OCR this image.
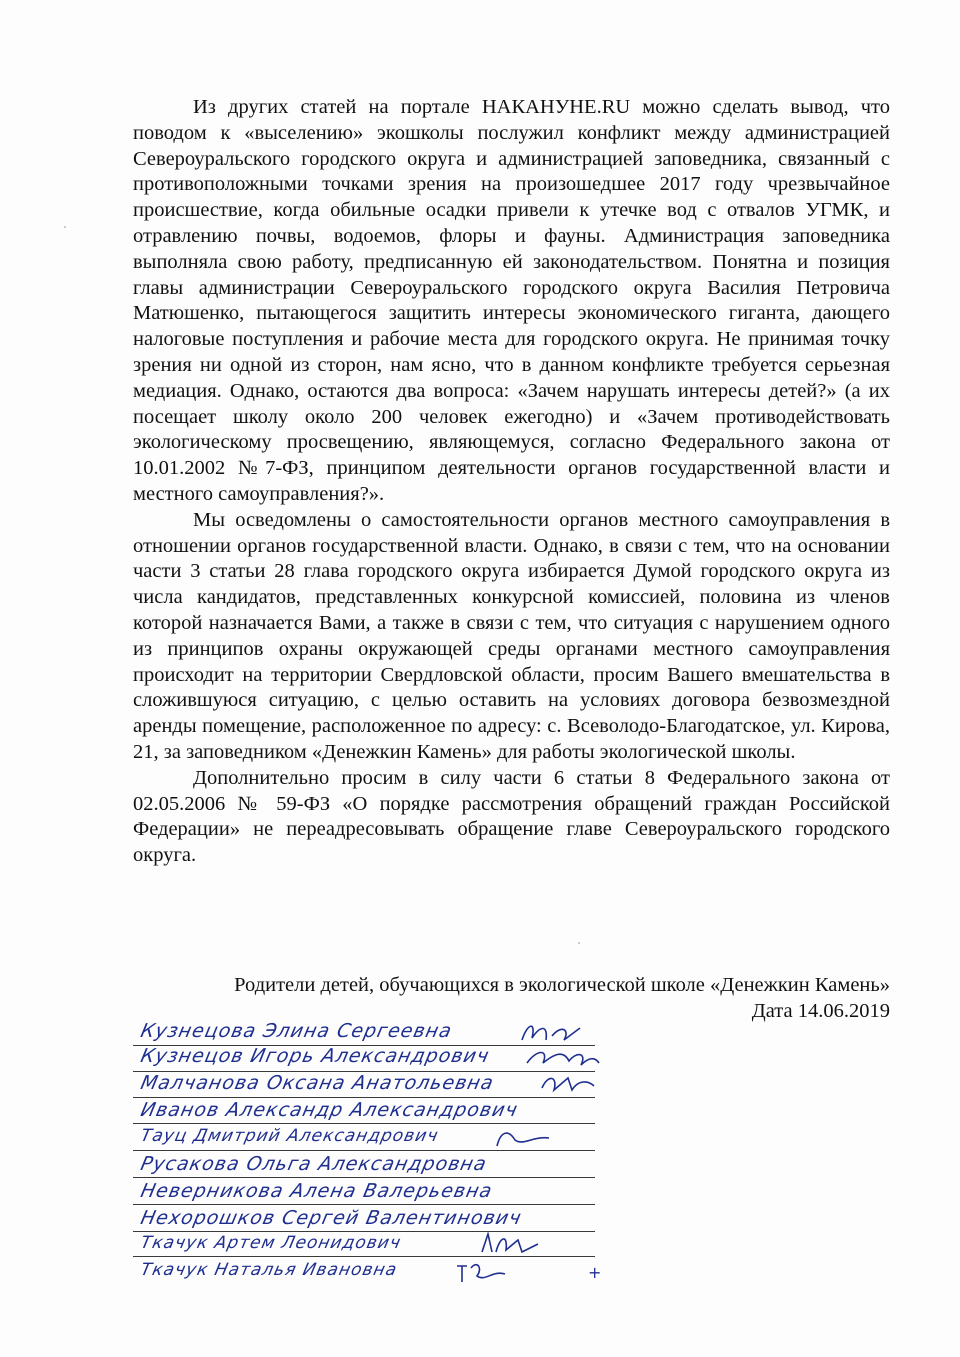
Из других статей на портале НАКАНУНЕ.RU можно сделать вывод, что поводом к «выселению» экошколы послужил конфликт между администрацией Североуральского городского округа и администрацией заповедника, связанный с противоположными точками зрения на произошедшее 2017 году чрезвычайное происшествие, когда обильные осадки привели к утечке вод с отвалов УГМК, и отравлению почвы, водоемов, флоры и фауны. Администрация заповедника выполняла свою работу, предписанную ей законодательством. Понятна и позиция главы администрации Североуральского городского округа Василия Петровича Матюшенко, пытающегося защитить интересы экономического гиганта, дающего налоговые поступления и рабочие места для городского округа. Не принимая точку зрения ни одной из сторон, нам ясно, что в данном конфликте требуется серьезная медиация. Однако, остаются два вопроса: «Зачем нарушать интересы детей?» (а их посещает школу около 200 человек ежегодно) и «Зачем противодействовать экологическому просвещению, являющемуся, согласно Федерального закона от 10.01.2002 №7-ФЗ, принципом деятельности органов государственной власти и местного самоуправления?».

Мы осведомлены о самостоятельности органов местного самоуправления в отношении органов государственной власти. Однако, в связи с тем, что на основании части 3 статьи 28 глава городского округа избирается Думой городского округа из числа кандидатов, представленных конкурсной комиссией, половина из членов которой назначается Вами, а также в связи с тем, что ситуация с нарушением одного из принципов охраны окружающей среды органами местного самоуправления происходит на территории Свердловской области, просим Вашего вмешательства в сложившуюся ситуацию, с целью оставить на условиях договора безвозмездной аренды помещение, расположенное по адресу: с. Всеволодо-Благодатское, ул. Кирова, 21, за заповедником «Денежкин Камень» для работы экологической школы.

Дополнительно просим в силу части 6 статьи 8 Федерального закона от 02.05.2006 № 59-ФЗ «О порядке рассмотрения обращений граждан Российской Федерации» не переадресовывать обращение главе Североуральского городского округа.

Родители детей, обучающихся в экологической школе «Денежкин Камень»
Дата 14.06.2019
Кузнецова Элина Сергеевна
Кузнецов Игорь Александрович
Малчанова Оксана Анатольевна
Иванов Александр Александрович
Тауц Дмитрий Александрович
Русакова Ольга Александровна
Неверникова Алена Валерьевна
Нехорошков Сергей Валентинович
Ткачук Артем Леонидович
Ткачук Наталья Ивановна	+
